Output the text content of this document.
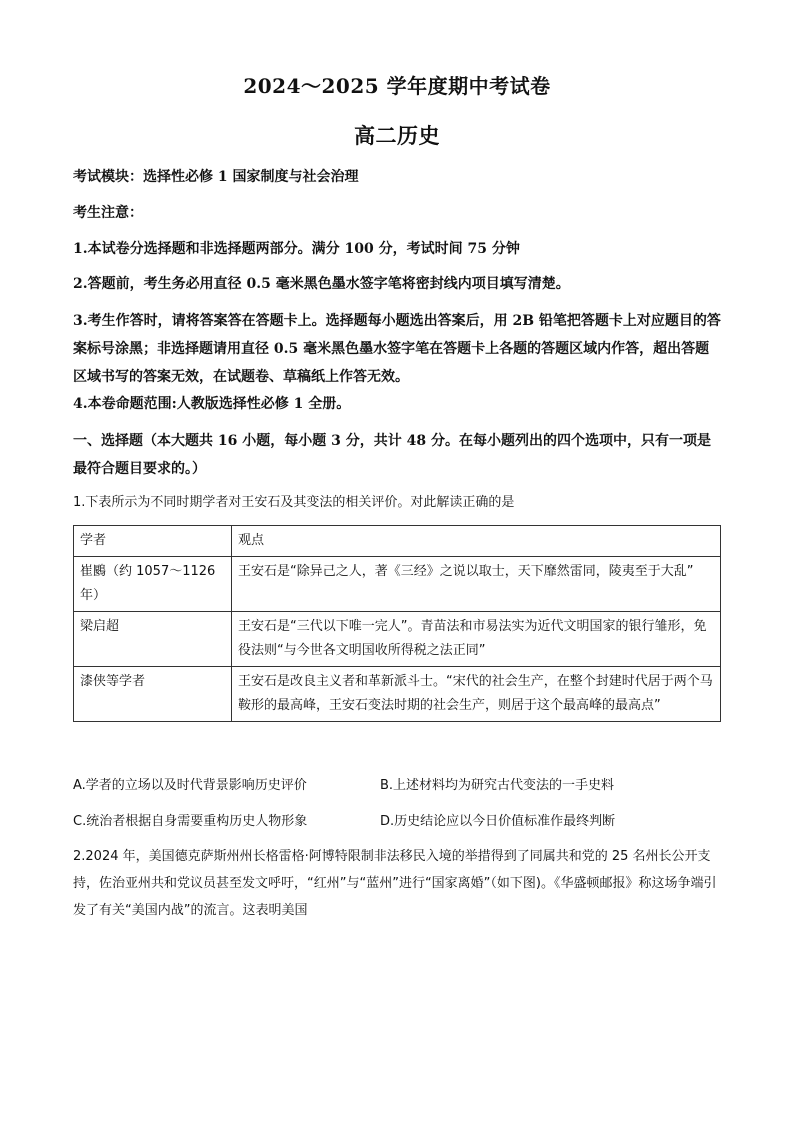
2024～2025 学年度期中考试卷
高二历史
考试模块：选择性必修 1 国家制度与社会治理
考生注意：
1.本试卷分选择题和非选择题两部分。满分 100 分，考试时间 75 分钟
2.答题前，考生务必用直径 0.5 毫米黑色墨水签字笔将密封线内项目填写清楚。
3.考生作答时，请将答案答在答题卡上。选择题每小题选出答案后，用 2B 铅笔把答题卡上对应题目的答案标号涂黑；非选择题请用直径 0.5 毫米黑色墨水签字笔在答题卡上各题的答题区域内作答，超出答题区域书写的答案无效，在试题卷、草稿纸上作答无效。
4.本卷命题范围:人教版选择性必修 1 全册。
一、选择题（本大题共 16 小题，每小题 3 分，共计 48 分。在每小题列出的四个选项中，只有一项是最符合题目要求的。）
1.下表所示为不同时期学者对王安石及其变法的相关评价。对此解读正确的是
学者	观点
崔鶠（约 1057～1126 年）	王安石是“除异己之人，著《三经》之说以取士，天下靡然雷同，陵夷至于大乱”
梁启超	王安石是“三代以下唯一完人”。青苗法和市易法实为近代文明国家的银行雏形，免役法则“与今世各文明国收所得税之法正同”
漆侠等学者	王安石是改良主义者和革新派斗士。“宋代的社会生产，在整个封建时代居于两个马鞍形的最高峰，王安石变法时期的社会生产，则居于这个最高峰的最高点”
A.学者的立场以及时代背景影响历史评价	B.上述材料均为研究古代变法的一手史料
C.统治者根据自身需要重构历史人物形象	D.历史结论应以今日价值标准作最终判断
2.2024 年，美国德克萨斯州州长格雷格·阿博特限制非法移民入境的举措得到了同属共和党的 25 名州长公开支持，佐治亚州共和党议员甚至发文呼吁，“红州”与“蓝州”进行“国家离婚”（如下图)。《华盛顿邮报》称这场争端引发了有关“美国内战”的流言。这表明美国
